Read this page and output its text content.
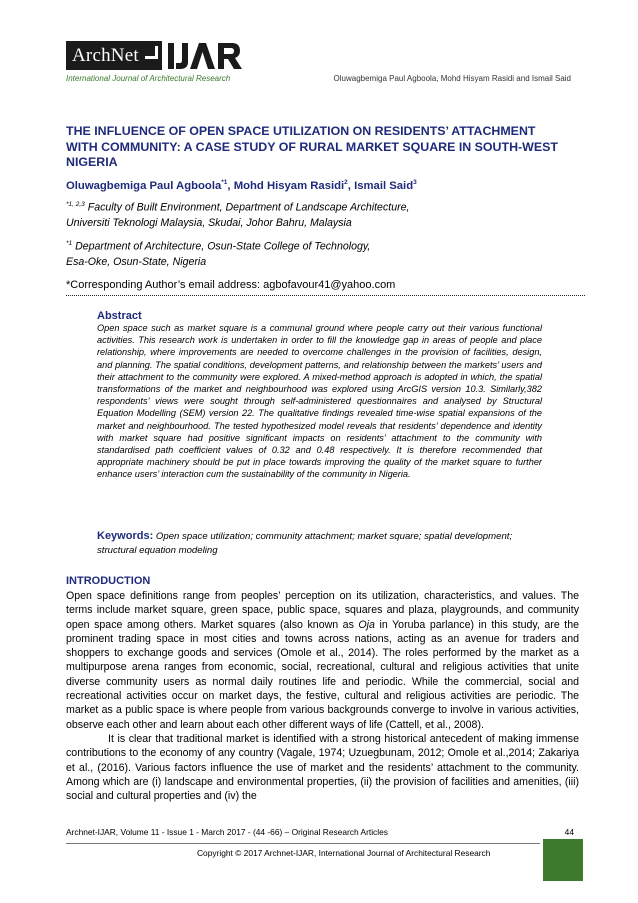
ArchNet
IJAR
International Journal of Architectural Research	Oluwagbemiga Paul Agboola, Mohd Hisyam Rasidi and Ismail Said
THE INFLUENCE OF OPEN SPACE UTILIZATION ON RESIDENTS’ ATTACHMENT WITH COMMUNITY: A CASE STUDY OF RURAL MARKET SQUARE IN SOUTH-WEST NIGERIA
Oluwagbemiga Paul Agboola$^{*1}$, Mohd Hisyam Rasidi$^2$, Ismail Said$^3$
$^{*1, 2,3}$ Faculty of Built Environment, Department of Landscape Architecture,
Universiti Teknologi Malaysia, Skudai, Johor Bahru, Malaysia
$^{*1}$ Department of Architecture, Osun-State College of Technology,
Esa-Oke, Osun-State, Nigeria
*Corresponding Author’s email address: agbofavour41@yahoo.com
Abstract
Open space such as market square is a communal ground where people carry out their various functional activities. This research work is undertaken in order to fill the knowledge gap in areas of people and place relationship, where improvements are needed to overcome challenges in the provision of facilities, design, and planning. The spatial conditions, development patterns, and relationship between the markets’ users and their attachment to the community were explored. A mixed-method approach is adopted in which, the spatial transformations of the market and neighbourhood was explored using ArcGIS version 10.3. Similarly,382 respondents’ views were sought through self-administered questionnaires and analysed by Structural Equation Modelling (SEM) version 22. The qualitative findings revealed time-wise spatial expansions of the market and neighbourhood. The tested hypothesized model reveals that residents’ dependence and identity with market square had positive significant impacts on residents’ attachment to the community with standardised path coefficient values of 0.32 and 0.48 respectively. It is therefore recommended that appropriate machinery should be put in place towards improving the quality of the market square to further enhance users’ interaction cum the sustainability of the community in Nigeria.
Keywords: Open space utilization; community attachment; market square; spatial development; structural equation modeling
INTRODUCTION

Open space definitions range from peoples’ perception on its utilization, characteristics, and values. The terms include market square, green space, public space, squares and plaza, playgrounds, and community open space among others. Market squares (also known as Oja in Yoruba parlance) in this study, are the prominent trading space in most cities and towns across nations, acting as an avenue for traders and shoppers to exchange goods and services (Omole et al., 2014). The roles performed by the market as a multipurpose arena ranges from economic, social, recreational, cultural and religious activities that unite diverse community users as normal daily routines life and periodic. While the commercial, social and recreational activities occur on market days, the festive, cultural and religious activities are periodic. The market as a public space is where people from various backgrounds converge to involve in various activities, observe each other and learn about each other different ways of life (Cattell, et al., 2008).

It is clear that traditional market is identified with a strong historical antecedent of making immense contributions to the economy of any country (Vagale, 1974; Uzuegbunam, 2012; Omole et al.,2014; Zakariya et al., (2016). Various factors influence the use of market and the residents’ attachment to the community. Among which are (i) landscape and environmental properties, (ii) the provision of facilities and amenities, (iii) social and cultural properties and (iv) the

Archnet-IJAR, Volume 11 - Issue 1 - March 2017 - (44 -66) – Original Research Articles	44
Copyright © 2017 Archnet-IJAR, International Journal of Architectural Research
